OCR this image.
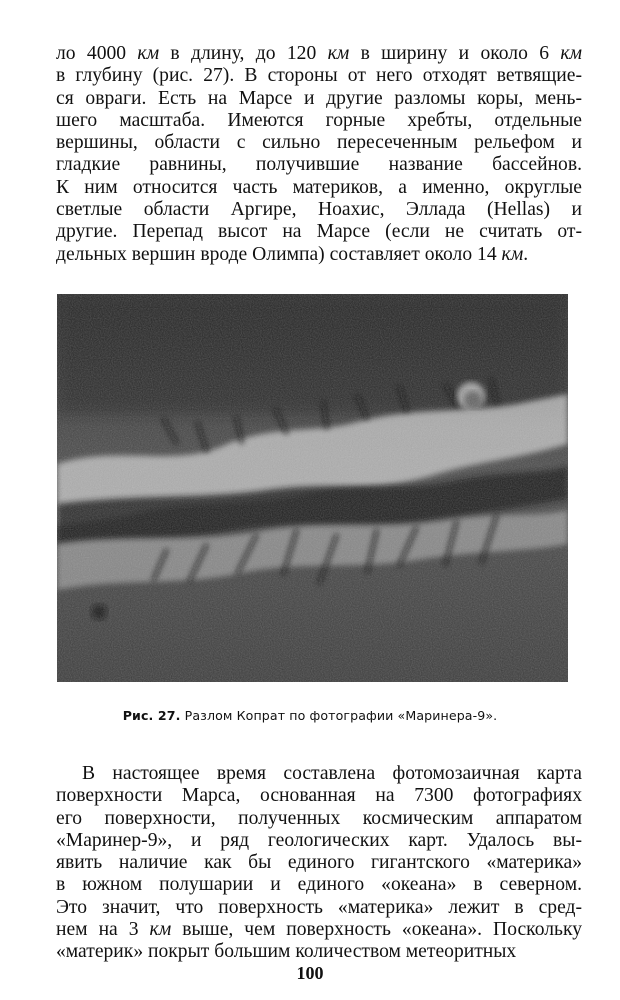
ло 4000 км в длину, до 120 км в ширину и около 6 км
в глубину (рис. 27). В стороны от него отходят ветвящие-
ся овраги. Есть на Марсе и другие разломы коры, мень-
шего масштаба. Имеются горные хребты, отдельные
вершины, области с сильно пересеченным рельефом и
гладкие равнины, получившие название бассейнов.
К ним относится часть материков, а именно, округлые
светлые области Аргире, Ноахис, Эллада (Hellas) и
другие. Перепад высот на Марсе (если не считать от-
дельных вершин вроде Олимпа) составляет около 14 км.

Рис. 27. Разлом Копрат по фотографии «Маринера-9».

В настоящее время составлена фотомозаичная карта
поверхности Марса, основанная на 7300 фотографиях
его поверхности, полученных космическим аппаратом
«Маринер-9», и ряд геологических карт. Удалось вы-
явить наличие как бы единого гигантского «материка»
в южном полушарии и единого «океана» в северном.
Это значит, что поверхность «материка» лежит в сред-
нем на 3 км выше, чем поверхность «океана». Поскольку
«материк» покрыт большим количеством метеоритных

100
